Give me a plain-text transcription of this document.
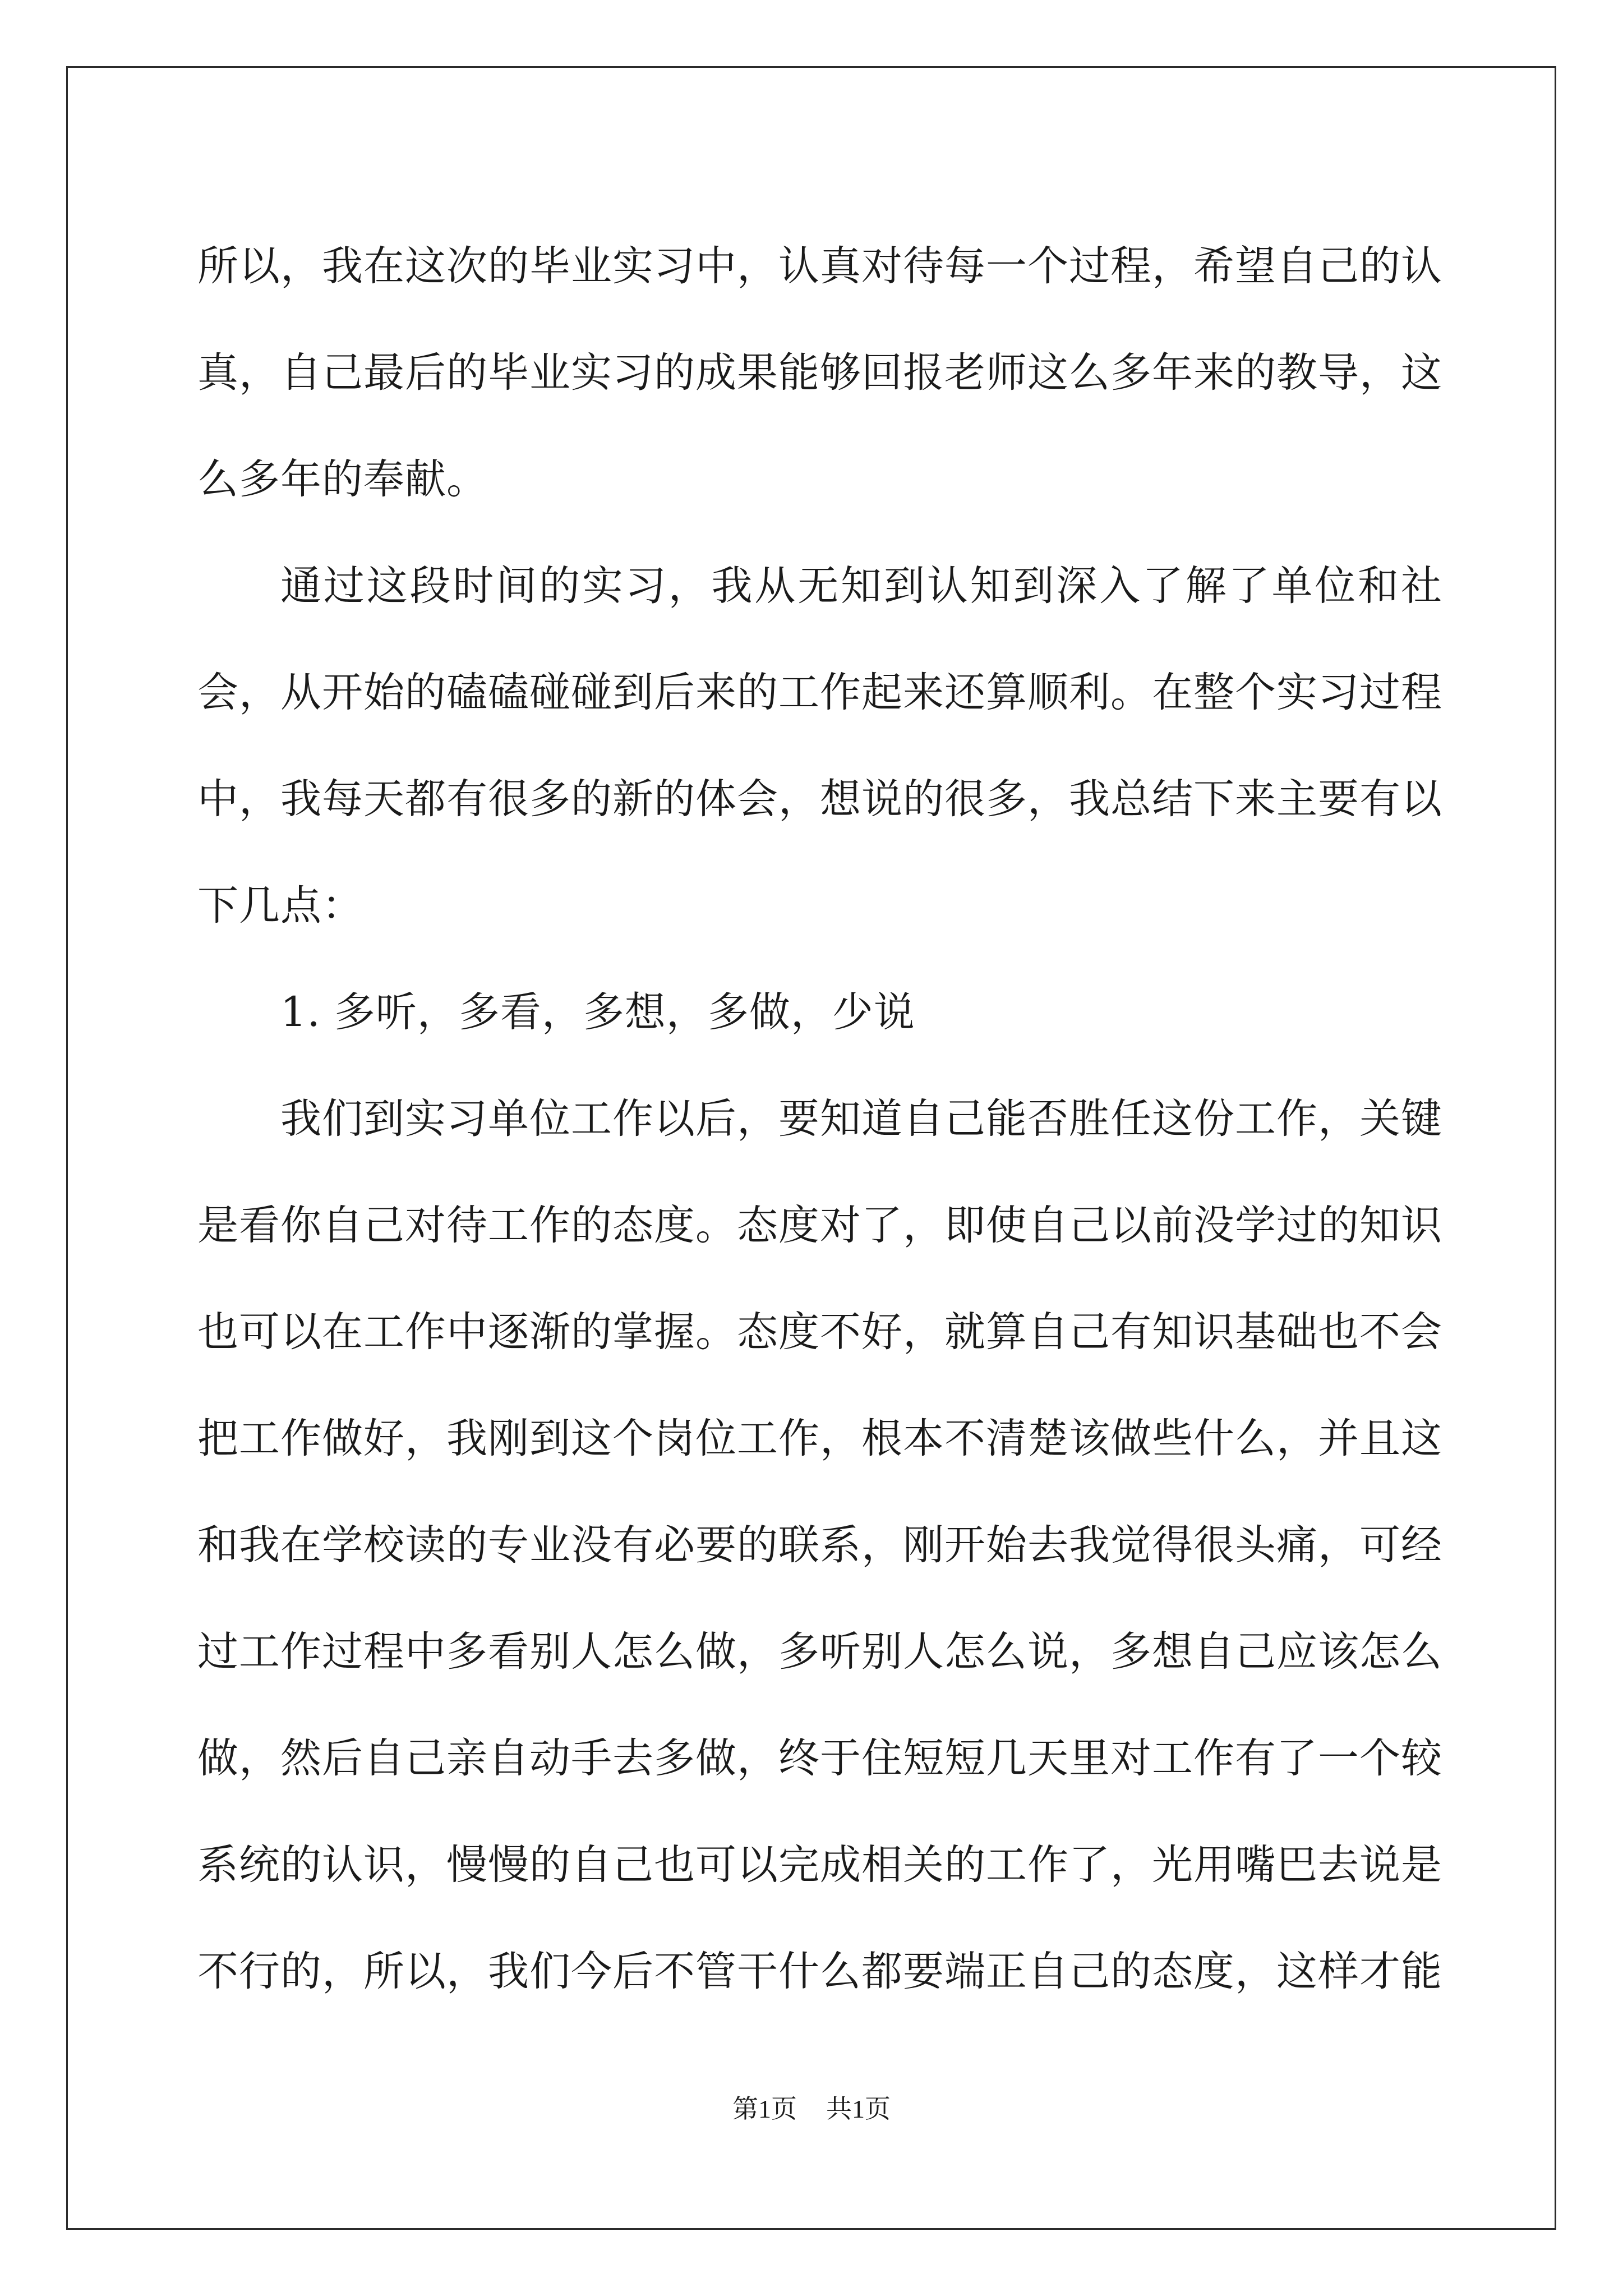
所以，我在这次的毕业实习中，认真对待每一个过程，希望自己的认真，自己最后的毕业实习的成果能够回报老师这么多年来的教导，这么多年的奉献。

通过这段时间的实习，我从无知到认知到深入了解了单位和社会，从开始的磕磕碰碰到后来的工作起来还算顺利。在整个实习过程中，我每天都有很多的新的体会，想说的很多，我总结下来主要有以下几点：

1. 多听，多看，多想，多做，少说

我们到实习单位工作以后，要知道自己能否胜任这份工作，关键是看你自己对待工作的态度。态度对了，即使自己以前没学过的知识也可以在工作中逐渐的掌握。态度不好，就算自己有知识基础也不会把工作做好，我刚到这个岗位工作，根本不清楚该做些什么，并且这和我在学校读的专业没有必要的联系，刚开始去我觉得很头痛，可经过工作过程中多看别人怎么做，多听别人怎么说，多想自己应该怎么做，然后自己亲自动手去多做，终于住短短几天里对工作有了一个较系统的认识，慢慢的自己也可以完成相关的工作了，光用嘴巴去说是不行的，所以，我们今后不管干什么都要端正自己的态度，这样才能

第1页 共1页
